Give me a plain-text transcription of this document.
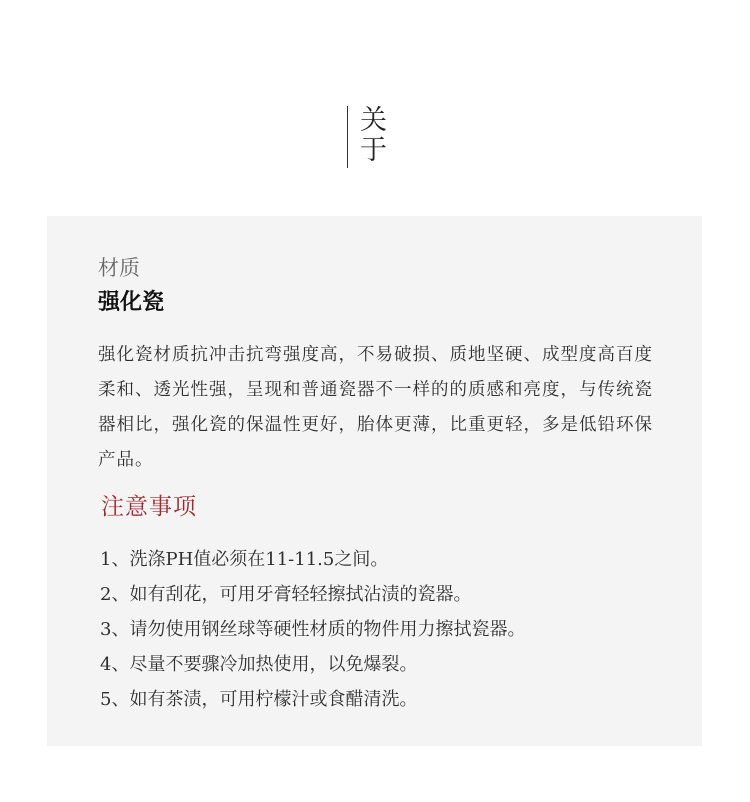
关于
材质
强化瓷

强化瓷材质抗冲击抗弯强度高，不易破损、质地坚硬、成型度高百度柔和、透光性强，呈现和普通瓷器不一样的的质感和亮度，与传统瓷器相比，强化瓷的保温性更好，胎体更薄，比重更轻，多是低铅环保产品。

注意事项
1、洗涤PH值必须在11-11.5之间。
2、如有刮花，可用牙膏轻轻擦拭沾渍的瓷器。
3、请勿使用钢丝球等硬性材质的物件用力擦拭瓷器。
4、尽量不要骤冷加热使用，以免爆裂。
5、如有茶渍，可用柠檬汁或食醋清洗。
